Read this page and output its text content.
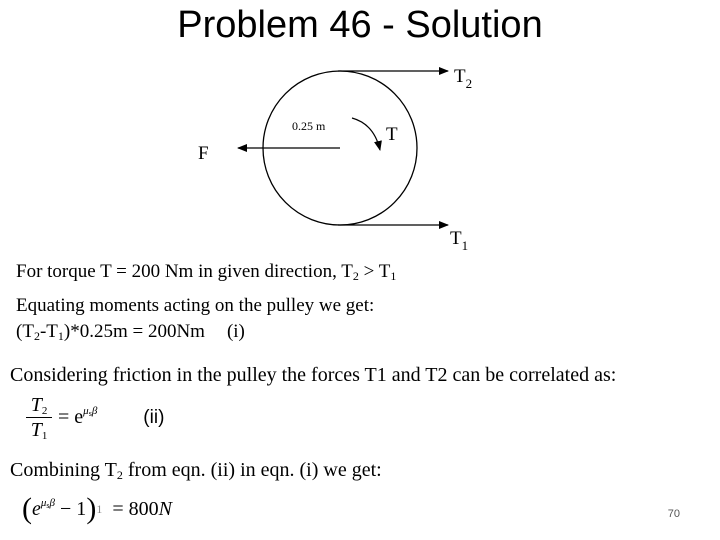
Problem 46 - Solution
$T_2$
$T_1$
T
F
0.25 m
For torque T = 200 Nm in given direction, $T_2 > T_1$
Equating moments acting on the pulley we get:
$(T_2-T_1)*0.25m = 200Nm$ (i)
Considering friction in the pulley the forces T1 and T2 can be correlated as:
$\frac{T_2}{T_1} = e^{\mu_s\beta}$ (ii)
Combining $T_2$ from eqn. (ii) in eqn. (i) we get:
( $e^{\mu_s\beta} - 1$ ) 1 = 800N	70
